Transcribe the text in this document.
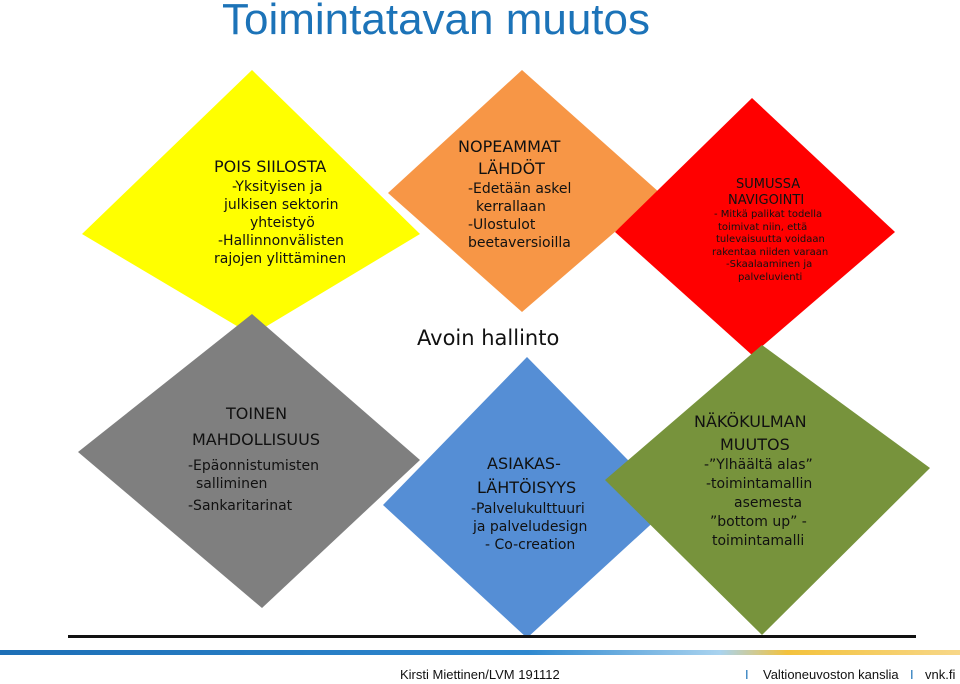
Toimintatavan muutos
POIS SIILOSTA
-Yksityisen ja
julkisen sektorin
yhteistyö
-Hallinnonvälisten
rajojen ylittäminen
NOPEAMMAT
LÄHDÖT
-Edetään askel
kerrallaan
-Ulostulot
beetaversioilla
SUMUSSA
NAVIGOINTI
- Mitkä palikat todella
toimivat niin, että
tulevaisuutta voidaan
rakentaa niiden varaan
-Skaalaaminen ja
palveluvienti
TOINEN
MAHDOLLISUUS
-Epäonnistumisten
salliminen
-Sankaritarinat
ASIAKAS-
LÄHTÖISYYS
-Palvelukulttuuri
ja palveludesign
- Co-creation
NÄKÖKULMAN
MUUTOS
-”Ylhäältä alas”
-toimintamallin
asemesta
”bottom up” -
toimintamalli
Avoin hallinto
Kirsti Miettinen/LVM 191112	I Valtioneuvoston kanslia I vnk.fi
